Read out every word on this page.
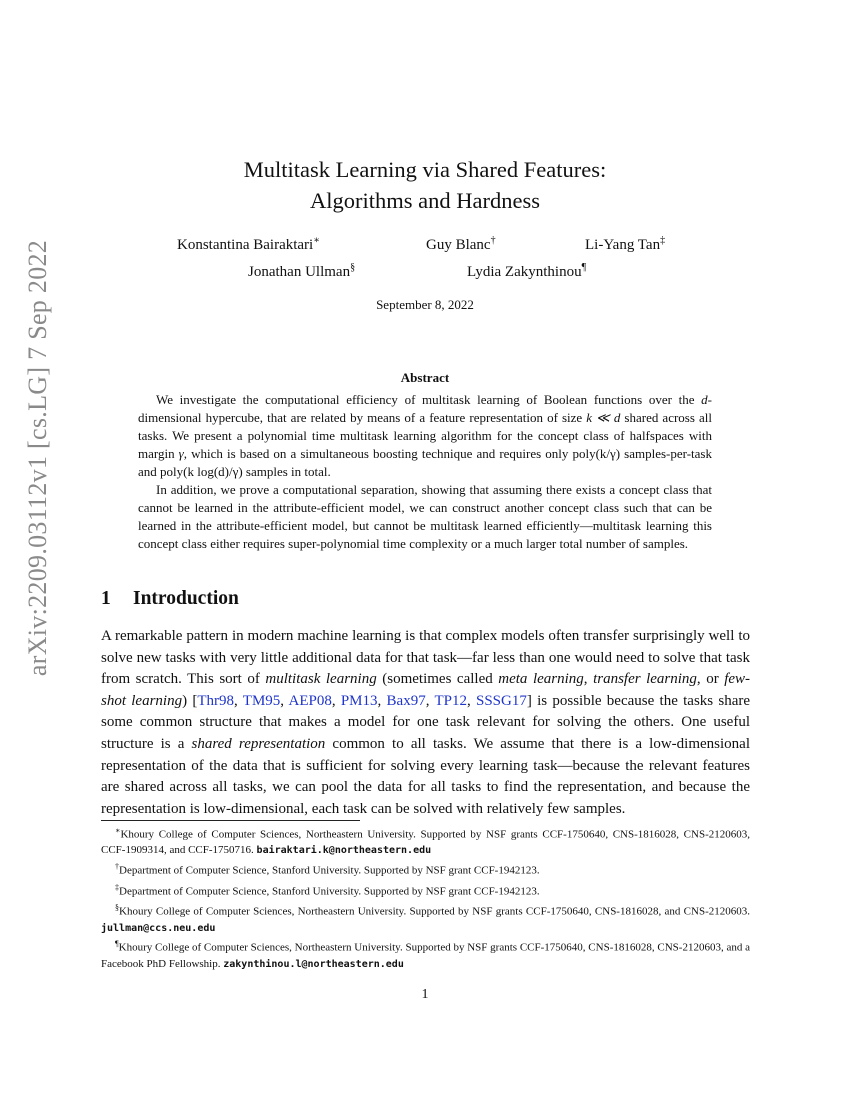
arXiv:2209.03112v1 [cs.LG] 7 Sep 2022
Multitask Learning via Shared Features:
Algorithms and Hardness
Konstantina Bairaktari∗	Guy Blanc†	Li-Yang Tan‡
Jonathan Ullman§	Lydia Zakynthinou¶
September 8, 2022
Abstract

We investigate the computational efficiency of multitask learning of Boolean functions over the d-dimensional hypercube, that are related by means of a feature representation of size k ≪ d shared across all tasks. We present a polynomial time multitask learning algorithm for the concept class of halfspaces with margin γ, which is based on a simultaneous boosting technique and requires only poly(k/γ) samples-per-task and poly(k log(d)/γ) samples in total.

In addition, we prove a computational separation, showing that assuming there exists a concept class that cannot be learned in the attribute-efficient model, we can construct another concept class such that can be learned in the attribute-efficient model, but cannot be multitask learned efficiently—multitask learning this concept class either requires super-polynomial time complexity or a much larger total number of samples.

1 Introduction

A remarkable pattern in modern machine learning is that complex models often transfer surprisingly well to solve new tasks with very little additional data for that task—far less than one would need to solve that task from scratch. This sort of multitask learning (sometimes called meta learning, transfer learning, or few-shot learning) [Thr98, TM95, AEP08, PM13, Bax97, TP12, SSSG17] is possible because the tasks share some common structure that makes a model for one task relevant for solving the others. One useful structure is a shared representation common to all tasks. We assume that there is a low-dimensional representation of the data that is sufficient for solving every learning task—because the relevant features are shared across all tasks, we can pool the data for all tasks to find the representation, and because the representation is low-dimensional, each task can be solved with relatively few samples.

∗Khoury College of Computer Sciences, Northeastern University. Supported by NSF grants CCF-1750640, CNS-1816028, CNS-2120603, CCF-1909314, and CCF-1750716. bairaktari.k@northeastern.edu

†Department of Computer Science, Stanford University. Supported by NSF grant CCF-1942123.

‡Department of Computer Science, Stanford University. Supported by NSF grant CCF-1942123.

§Khoury College of Computer Sciences, Northeastern University. Supported by NSF grants CCF-1750640, CNS-1816028, and CNS-2120603. jullman@ccs.neu.edu

¶Khoury College of Computer Sciences, Northeastern University. Supported by NSF grants CCF-1750640, CNS-1816028, CNS-2120603, and a Facebook PhD Fellowship. zakynthinou.l@northeastern.edu

1
